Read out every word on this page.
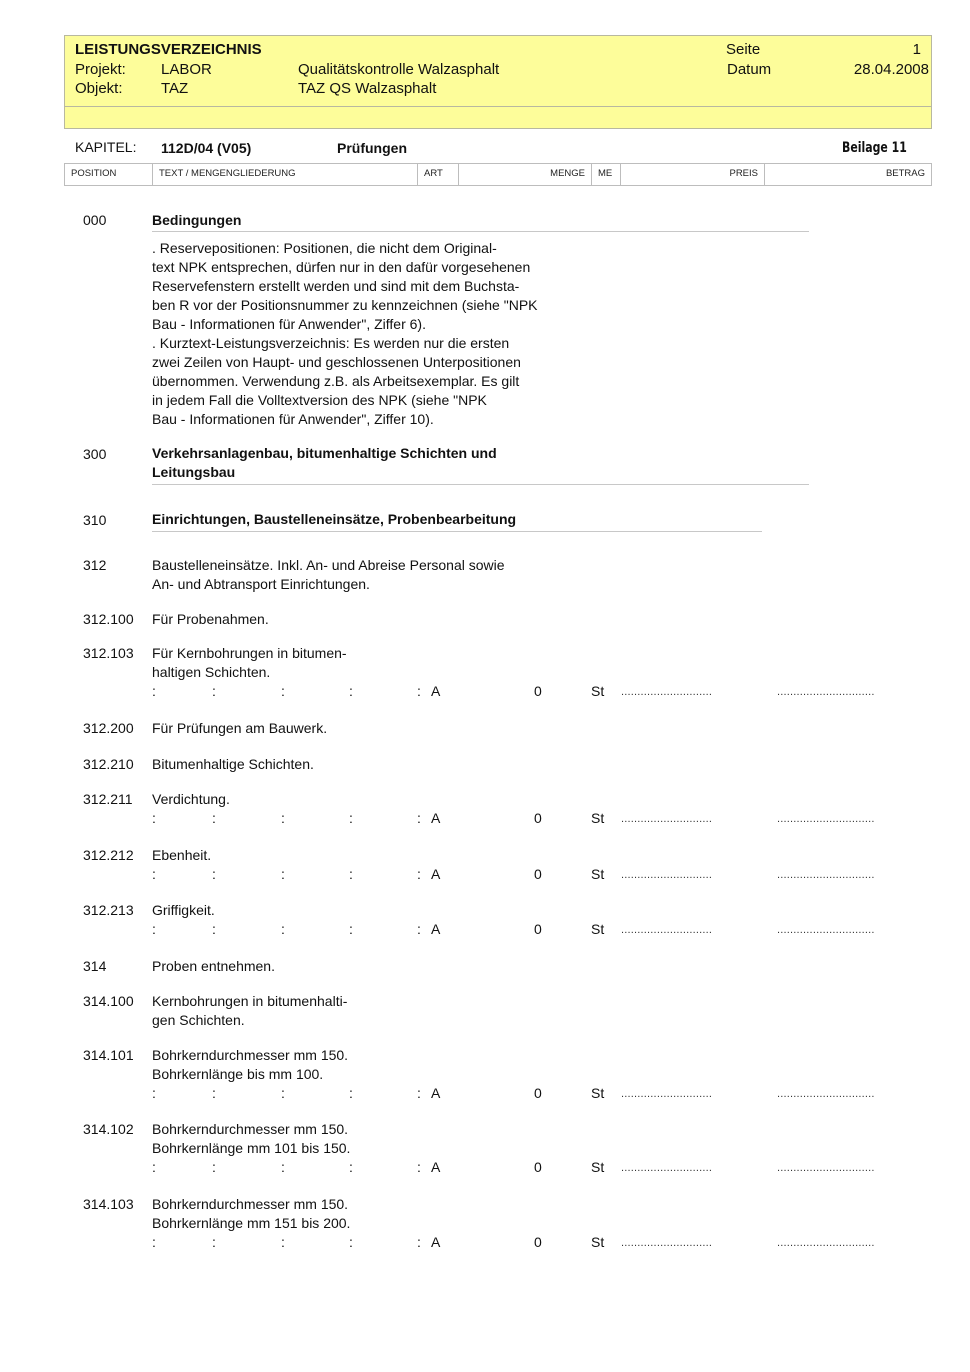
LEISTUNGSVERZEICHNIS	Seite	1
Projekt: LABOR	Qualitätskontrolle Walzasphalt	Datum	28.04.2008
Objekt:	TAZ	TAZ QS Walzasphalt
KAPITEL: 112D/04 (V05)	Prüfungen	Beilage 11
POSITION	TEXT / MENGENGLIEDERUNG	ART	MENGE	ME	PREIS	BETRAG
000	Bedingungen
. Reservepositionen: Positionen, die nicht dem Original-
text NPK entsprechen, dürfen nur in den dafür vorgesehenen
Reservefenstern erstellt werden und sind mit dem Buchsta-
ben R vor der Positionsnummer zu kennzeichnen (siehe "NPK
Bau - Informationen für Anwender", Ziffer 6).
. Kurztext-Leistungsverzeichnis: Es werden nur die ersten
zwei Zeilen von Haupt- und geschlossenen Unterpositionen
übernommen. Verwendung z.B. als Arbeitsexemplar. Es gilt
in jedem Fall die Volltextversion des NPK (siehe "NPK
Bau - Informationen für Anwender", Ziffer 10).
300	Verkehrsanlagenbau, bitumenhaltige Schichten und
Leitungsbau
310	Einrichtungen, Baustelleneinsätze, Probenbearbeitung
312	Baustelleneinsätze. Inkl. An- und Abreise Personal sowie
An- und Abtransport Einrichtungen.
312.100 Für Probenahmen.
312.103 Für Kernbohrungen in bitumen-
haltigen Schichten.
:	:	:	:	: A	0	St ............................	..............................
312.200 Für Prüfungen am Bauwerk.
312.210 Bitumenhaltige Schichten.
312.211 Verdichtung.
:	:	:	:	: A	0	St ............................	..............................
312.212 Ebenheit.
:	:	:	:	: A	0	St ............................	..............................
312.213 Griffigkeit.
:	:	:	:	: A	0	St ............................	..............................
314	Proben entnehmen.
314.100 Kernbohrungen in bitumenhalti-
gen Schichten.
314.101 Bohrkerndurchmesser mm 150.
Bohrkernlänge bis mm 100.
:	:	:	:	: A	0	St ............................	..............................
314.102 Bohrkerndurchmesser mm 150.
Bohrkernlänge mm 101 bis 150.
:	:	:	:	: A	0	St ............................	..............................
314.103 Bohrkerndurchmesser mm 150.
Bohrkernlänge mm 151 bis 200.
:	:	:	:	: A	0	St ............................	..............................
